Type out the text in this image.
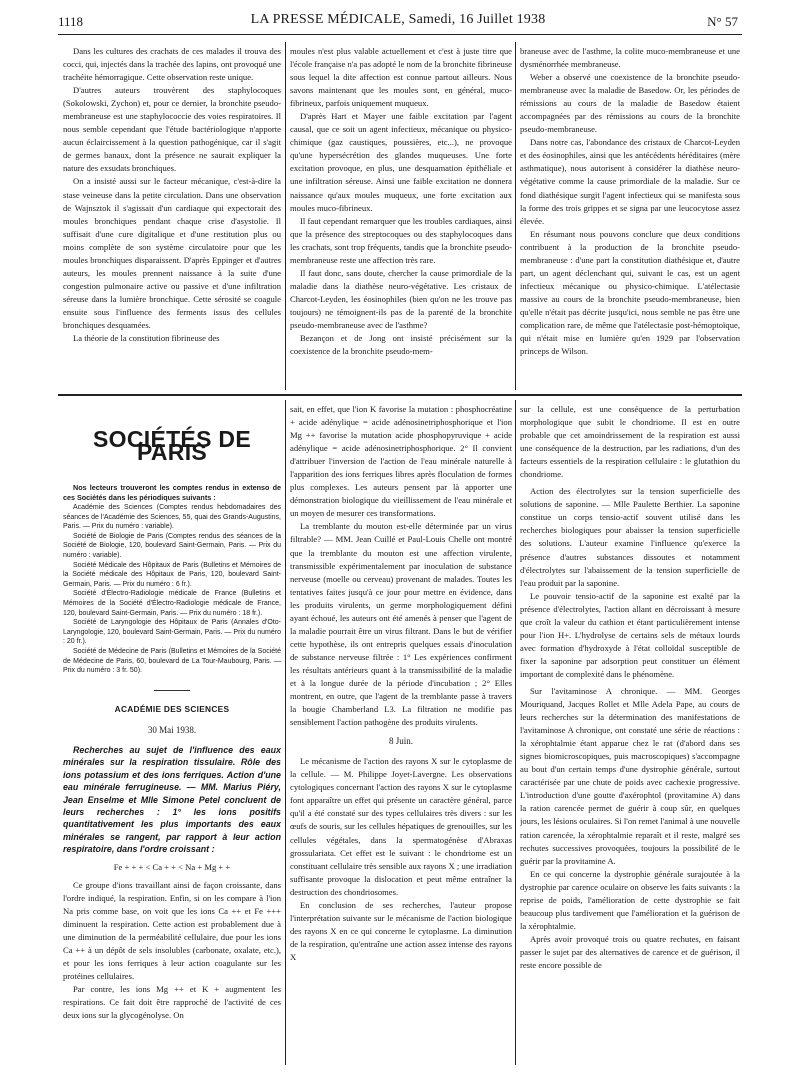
1118	LA PRESSE MÉDICALE, Samedi, 16 Juillet 1938	N° 57

Dans les cultures des crachats de ces malades il trouva des cocci, qui, injectés dans la trachée des lapins, ont provoqué une trachéite hémorragique. Cette observation reste unique.

D'autres auteurs trouvèrent des staphylocoques (Sokolowski, Zychon) et, pour ce dernier, la bronchite pseudo-membraneuse est une staphylococcie des voies respiratoires. Il nous semble cependant que l'étude bactériologique n'apporte aucun éclaircissement à la question pathogénique, car il s'agit de germes banaux, dont la présence ne saurait expliquer la nature des exsudats bronchiques.

On a insisté aussi sur le facteur mécanique, c'est-à-dire la stase veineuse dans la petite circulation. Dans une observation de Wajnsztok il s'agissait d'un cardiaque qui expectorait des moules bronchiques pendant chaque crise d'asystolie. Il suffisait d'une cure digitalique et d'une restitution plus ou moins complète de son système circulatoire pour que les moules bronchiques disparaissent. D'après Eppinger et d'autres auteurs, les moules prennent naissance à la suite d'une congestion pulmonaire active ou passive et d'une infiltration séreuse dans la lumière bronchique. Cette sérosité se coagule ensuite sous l'influence des ferments issus des cellules bronchiques desquamées.

La théorie de la constitution fibrineuse des

moules n'est plus valable actuellement et c'est à juste titre que l'école française n'a pas adopté le nom de la bronchite fibrineuse sous lequel la dite affection est connue partout ailleurs. Nous savons maintenant que les moules sont, en général, muco-fibrineux, parfois uniquement muqueux.

D'après Hart et Mayer une faible excitation par l'agent causal, que ce soit un agent infectieux, mécanique ou physico-chimique (gaz caustiques, poussières, etc...), ne provoque qu'une hypersécrétion des glandes muqueuses. Une forte excitation provoque, en plus, une desquamation épithéliale et une infiltration séreuse. Ainsi une faible excitation ne donnera naissance qu'aux moules muqueux, une forte excitation aux moules muco-fibrineux.

Il faut cependant remarquer que les troubles cardiaques, ainsi que la présence des streptocoques ou des staphylocoques dans les crachats, sont trop fréquents, tandis que la bronchite pseudo-membraneuse reste une affection très rare.

Il faut donc, sans doute, chercher la cause primordiale de la maladie dans la diathèse neuro-végétative. Les cristaux de Charcot-Leyden, les éosinophiles (bien qu'on ne les trouve pas toujours) ne témoignent-ils pas de la parenté de la bronchite pseudo-membraneuse avec de l'asthme?

Bezançon et de Jong ont insisté précisément sur la coexistence de la bronchite pseudo-mem-

braneuse avec de l'asthme, la colite muco-membraneuse et une dysménorrhée membraneuse.

Weber a observé une coexistence de la bronchite pseudo-membraneuse avec la maladie de Basedow. Or, les périodes de rémissions au cours de la maladie de Basedow étaient accompagnées par des rémissions au cours de la bronchite pseudo-membraneuse.

Dans notre cas, l'abondance des cristaux de Charcot-Leyden et des éosinophiles, ainsi que les antécédents héréditaires (mère asthmatique), nous autorisent à considérer la diathèse neuro-végétative comme la cause primordiale de la maladie. Sur ce fond diathésique surgit l'agent infectieux qui se manifesta sous la forme des trois grippes et se signa par une leucocytose assez élevée.

En résumant nous pouvons conclure que deux conditions contribuent à la production de la bronchite pseudo-membraneuse : d'une part la constitution diathésique et, d'autre part, un agent déclenchant qui, suivant le cas, est un agent infectieux mécanique ou physico-chimique. L'atélectasie massive au cours de la bronchite pseudo-membraneuse, bien qu'elle n'était pas décrite jusqu'ici, nous semble ne pas être une complication rare, de même que l'atélectasie post-hémoptoïque, qui n'était mise en lumière qu'en 1929 par l'observation princeps de Wilson.

SOCIÉTÉS DE PARIS

Nos lecteurs trouveront les comptes rendus in extenso de ces Sociétés dans les périodiques suivants :

Académie des Sciences (Comptes rendus hebdomadaires des séances de l'Académie des Sciences, 55, quai des Grands-Augustins, Paris. — Prix du numéro : variable).

Société de Biologie de Paris (Comptes rendus des séances de la Société de Biologie, 120, boulevard Saint-Germain, Paris. — Prix du numéro : variable).

Société Médicale des Hôpitaux de Paris (Bulletins et Mémoires de la Société médicale des Hôpitaux de Paris, 120, boulevard Saint-Germain, Paris. — Prix du numéro : 6 fr.).

Société d'Électro-Radiologie médicale de France (Bulletins et Mémoires de la Société d'Électro-Radiologie médicale de France, 120, boulevard Saint-Germain, Paris. — Prix du numéro : 18 fr.).

Société de Laryngologie des Hôpitaux de Paris (Annales d'Oto-Laryngologie, 120, boulevard Saint-Germain, Paris. — Prix du numéro : 20 fr.).

Société de Médecine de Paris (Bulletins et Mémoires de la Société de Médecine de Paris, 60, boulevard de La Tour-Maubourg, Paris. — Prix du numéro : 3 fr. 50).

ACADÉMIE DES SCIENCES
30 Mai 1938.

Recherches au sujet de l'influence des eaux minérales sur la respiration tissulaire. Rôle des ions potassium et des ions ferriques. Action d'une eau minérale ferrugineuse. — MM. Marius Piéry, Jean Enselme et Mlle Simone Petel concluent de leurs recherches : 1° les ions positifs quantitativement les plus importants des eaux minérales se rangent, par rapport à leur action respiratoire, dans l'ordre croissant :

Fe + + + < Ca + + < Na + Mg + +

Ce groupe d'ions travaillant ainsi de façon croissante, dans l'ordre indiqué, la respiration. Enfin, si on les compare à l'ion Na pris comme base, on voit que les ions Ca ++ et Fe +++ diminuent la respiration. Cette action est probablement due à une diminution de la perméabilité cellulaire, due pour les ions Ca ++ à un dépôt de sels insolubles (carbonate, oxalate, etc.), et pour les ions ferriques à leur action coagulante sur les protéines cellulaires.

Par contre, les ions Mg ++ et K + augmentent les respirations. Ce fait doit être rapproché de l'activité de ces deux ions sur la glycogénolyse. On

sait, en effet, que l'ion K favorise la mutation : phosphocréatine + acide adénylique = acide adénosinetriphosphorique et l'ion Mg ++ favorise la mutation acide phosphopyruvique + acide adénylique = acide adénosinetriphosphorique. 2° Il convient d'attribuer l'inversion de l'action de l'eau minérale naturelle à l'apparition des ions ferriques libres après floculation de formes plus complexes. Les auteurs pensent par là apporter une démonstration biologique du vieillissement de l'eau minérale et un moyen de mesurer ces transformations.

La tremblante du mouton est-elle déterminée par un virus filtrable? — MM. Jean Cuillé et Paul-Louis Chelle ont montré que la tremblante du mouton est une affection virulente, transmissible expérimentalement par inoculation de substance nerveuse (moelle ou cerveau) provenant de malades. Toutes les tentatives faites jusqu'à ce jour pour mettre en évidence, dans les produits virulents, un germe morphologiquement défini ayant échoué, les auteurs ont été amenés à penser que l'agent de la maladie pourrait être un virus filtrant. Dans le but de vérifier cette hypothèse, ils ont entrepris quelques essais d'inoculation de substance nerveuse filtrée : 1° Les expériences confirment les résultats antérieurs quant à la transmissibilité de la maladie et à la longue durée de la période d'incubation ; 2° Elles montrent, en outre, que l'agent de la tremblante passe à travers la bougie Chamberland L3. La filtration ne modifie pas sensiblement l'action pathogène des produits virulents.

8 Juin.

Le mécanisme de l'action des rayons X sur le cytoplasme de la cellule. — M. Philippe Joyet-Lavergne. Les observations cytologiques concernant l'action des rayons X sur le cytoplasme font apparaître un effet qui présente un caractère général, parce qu'il a été constaté sur des types cellulaires très divers : sur les œufs de souris, sur les cellules hépatiques de grenouilles, sur les cellules végétales, dans la spermatogénèse d'Abraxas grossulariata. Cet effet est le suivant : le chondriome est un constituant cellulaire très sensible aux rayons X ; une irradiation suffisante provoque la dislocation et peut même entraîner la destruction des chondriosomes.

En conclusion de ses recherches, l'auteur propose l'interprétation suivante sur le mécanisme de l'action biologique des rayons X en ce qui concerne le cytoplasme. La diminution de la respiration, qu'entraîne une action assez intense des rayons X

sur la cellule, est une conséquence de la perturbation morphologique que subit le chondriome. Il est en outre probable que cet amoindrissement de la respiration est aussi une conséquence de la destruction, par les radiations, d'un des facteurs essentiels de la respiration cellulaire : le glutathion du chondriome.

Action des électrolytes sur la tension superficielle des solutions de saponine. — Mlle Paulette Berthier. La saponine constitue un corps tensio-actif souvent utilisé dans les recherches biologiques pour abaisser la tension superficielle des solutions. L'auteur examine l'influence qu'exerce la présence d'autres substances dissoutes et notamment d'électrolytes sur l'abaissement de la tension superficielle de l'eau produit par la saponine.

Le pouvoir tensio-actif de la saponine est exalté par la présence d'électrolytes, l'action allant en décroissant à mesure que croît la valeur du cathion et étant particulièrement intense pour l'ion H+. L'hydrolyse de certains sels de métaux lourds avec formation d'hydroxyde à l'état colloïdal susceptible de fixer la saponine par adsorption peut constituer un élément important de complexité dans le phénomène.

Sur l'avitaminose A chronique. — MM. Georges Mouriquand, Jacques Rollet et Mlle Adela Pape, au cours de leurs recherches sur la détermination des manifestations de l'avitaminose A chronique, ont constaté une série de réactions : la xérophtalmie étant apparue chez le rat (d'abord dans ses signes biomicroscopiques, puis macroscopiques) s'accompagne au bout d'un certain temps d'une dystrophie générale, surtout caractérisée par une chute de poids avec cachexie progressive. L'introduction d'une goutte d'axérophtol (provitamine A) dans la ration carencée permet de guérir à coup sûr, en quelques jours, les lésions oculaires. Si l'on remet l'animal à une nouvelle ration carencée, la xérophtalmie reparaît et il reste, malgré ses rechutes successives provoquées, toujours la possibilité de le guérir par la provitamine A.

En ce qui concerne la dystrophie générale surajoutée à la dystrophie par carence oculaire on observe les faits suivants : la reprise de poids, l'amélioration de cette dystrophie se fait beaucoup plus tardivement que l'amélioration et la guérison de la xérophtalmie.

Après avoir provoqué trois ou quatre rechutes, en faisant passer le sujet par des alternatives de carence et de guérison, il reste encore possible de
